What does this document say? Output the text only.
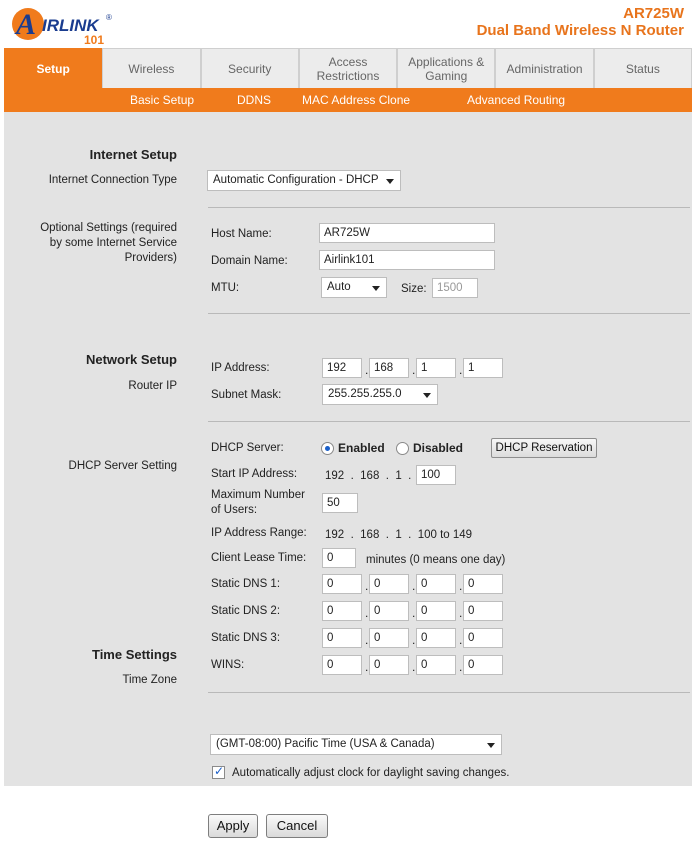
A IRLINK ®
101
AR725W
Dual Band Wireless N Router
Setup	Wireless	Security	Access Restrictions
Applications & Gaming	Administration	Status
Basic Setup	DDNS	MAC Address Clone	Advanced Routing
Internet Setup
Internet Connection Type	Automatic Configuration - DHCP
Optional Settings (required
by some Internet Service
Providers)
Host Name:	AR725W
Domain Name:	Airlink101
MTU:	Auto	Size: 1500
Network Setup
Router IP
IP Address:	192	. 168	. 1	. 1
Subnet Mask:	255.255.255.0
DHCP Server Setting
DHCP Server:	Enabled Disabled	DHCP Reservation
Start IP Address: 192  .  168  .  1  . 100
Maximum Number
of Users:
50
IP Address Range: 192  .  168  .  1  .  100 to 149
Client Lease Time:	0	minutes (0 means one day)
Static DNS 1:	0	. 0	. 0	. 0
Static DNS 2:	0	. 0	. 0	. 0
Static DNS 3:	0	. 0	. 0	. 0
WINS:	0	. 0	. 0	. 0
Time Settings
Time Zone
(GMT-08:00) Pacific Time (USA & Canada)
✓
Automatically adjust clock for daylight saving changes.
Apply	Cancel
